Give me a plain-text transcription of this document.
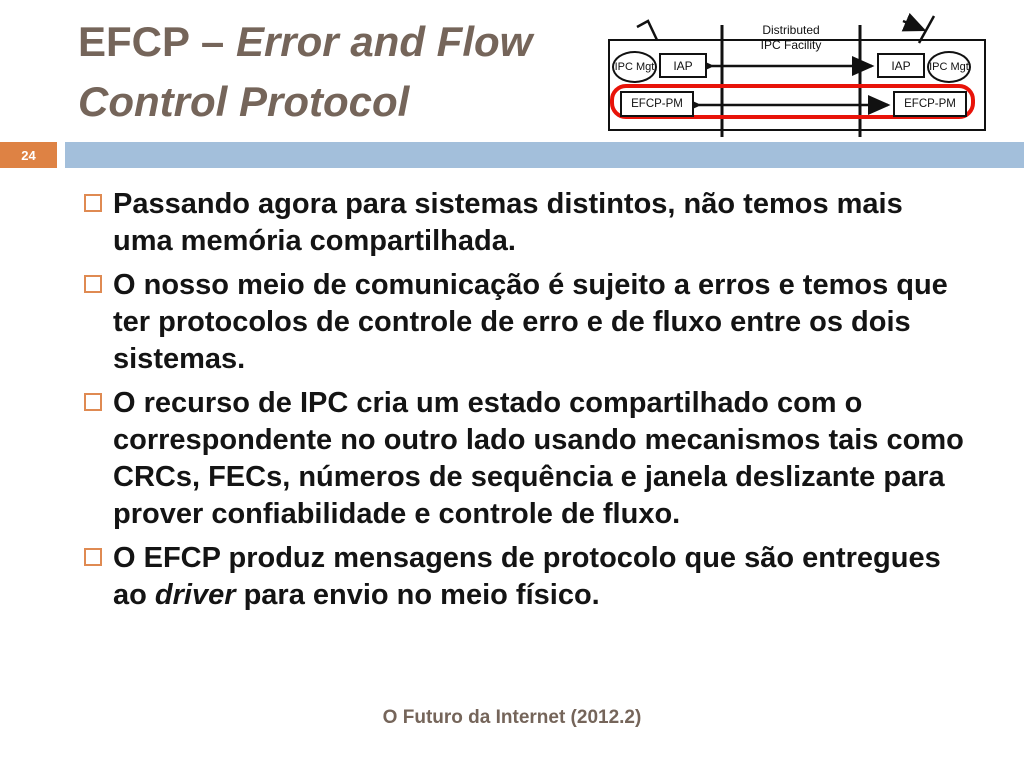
EFCP – Error and Flow Control Protocol
24
Distributed
IPC Facility
IPC Mgt	IAP	IAP	IPC Mgt
EFCP-PM	EFCP-PM

Passando agora para sistemas distintos, não temos mais uma memória compartilhada.

O nosso meio de comunicação é sujeito a erros e temos que ter protocolos de controle de erro e de fluxo entre os dois sistemas.

O recurso de IPC cria um estado compartilhado com o correspondente no outro lado usando mecanismos tais como CRCs, FECs, números de sequência e janela deslizante para prover confiabilidade e controle de fluxo.

O EFCP produz mensagens de protocolo que são entregues ao driver para envio no meio físico.

O Futuro da Internet (2012.2)
